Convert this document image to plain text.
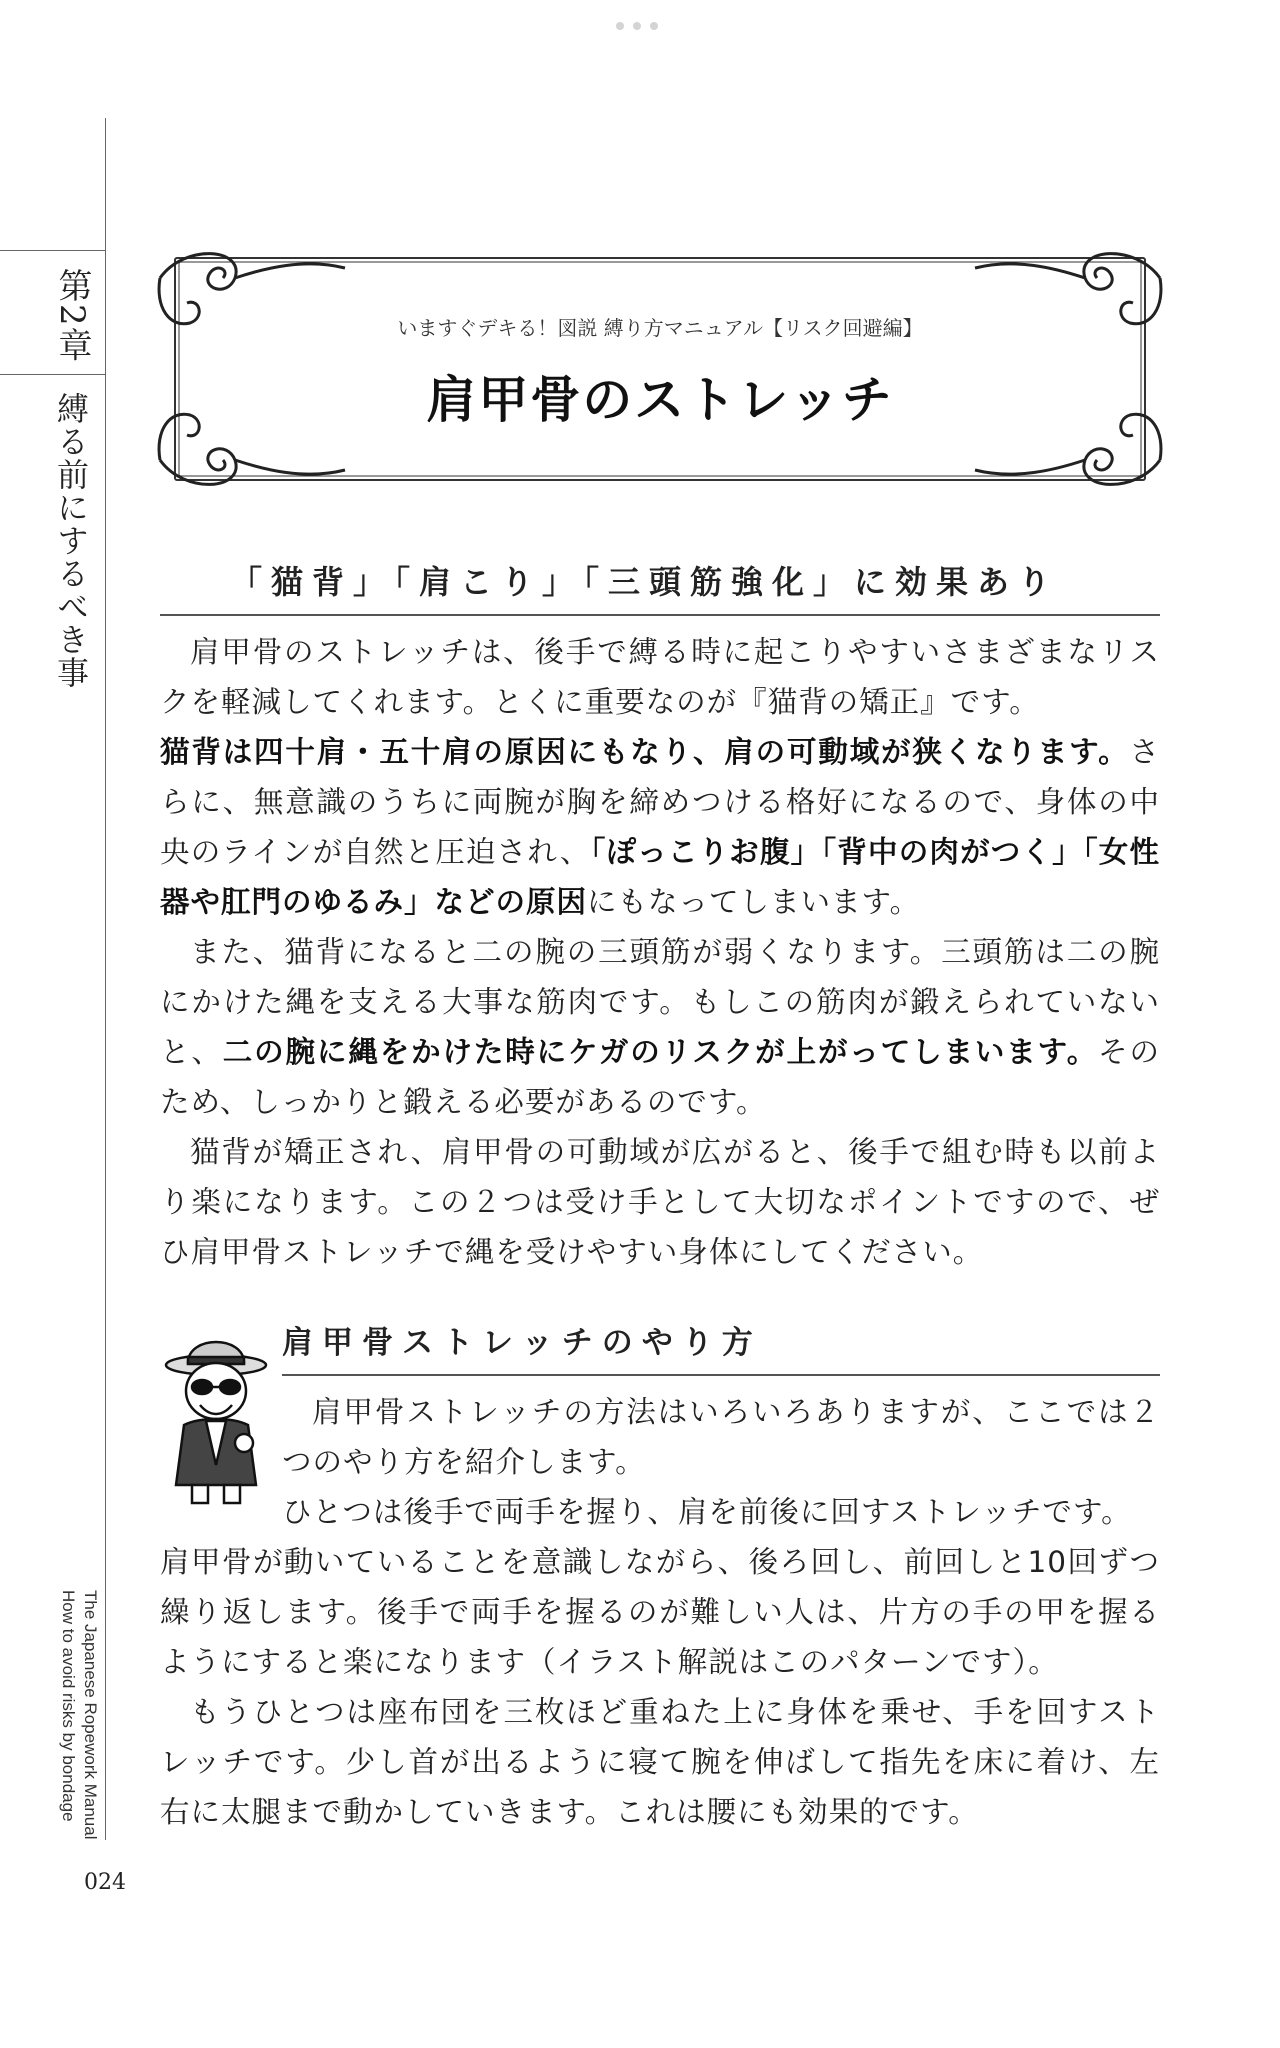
第2章
縛る前にするべき事
The Japanese Ropework Manual
How to avoid risks by bondage
024
いますぐデキる！図説 縛り方マニュアル【リスク回避編】
肩甲骨のストレッチ
「猫背」「肩こり」「三頭筋強化」に効果あり
肩甲骨のストレッチは、後手で縛る時に起こりやすいさまざまなリスクを軽減してくれます。とくに重要なのが『猫背の矯正』です。
猫背は四十肩・五十肩の原因にもなり、肩の可動域が狭くなります。さらに、無意識のうちに両腕が胸を締めつける格好になるので、身体の中央のラインが自然と圧迫され、「ぽっこりお腹」「背中の肉がつく」「女性器や肛門のゆるみ」などの原因にもなってしまいます。
また、猫背になると二の腕の三頭筋が弱くなります。三頭筋は二の腕にかけた縄を支える大事な筋肉です。もしこの筋肉が鍛えられていないと、二の腕に縄をかけた時にケガのリスクが上がってしまいます。そのため、しっかりと鍛える必要があるのです。
猫背が矯正され、肩甲骨の可動域が広がると、後手で組む時も以前より楽になります。この２つは受け手として大切なポイントですので、ぜひ肩甲骨ストレッチで縄を受けやすい身体にしてください。
肩甲骨ストレッチのやり方
肩甲骨ストレッチの方法はいろいろありますが、ここでは２つのやり方を紹介します。
ひとつは後手で両手を握り、肩を前後に回すストレッチです。
肩甲骨が動いていることを意識しながら、後ろ回し、前回しと10回ずつ繰り返します。後手で両手を握るのが難しい人は、片方の手の甲を握るようにすると楽になります（イラスト解説はこのパターンです）。
もうひとつは座布団を三枚ほど重ねた上に身体を乗せ、手を回すストレッチです。少し首が出るように寝て腕を伸ばして指先を床に着け、左右に太腿まで動かしていきます。これは腰にも効果的です。
